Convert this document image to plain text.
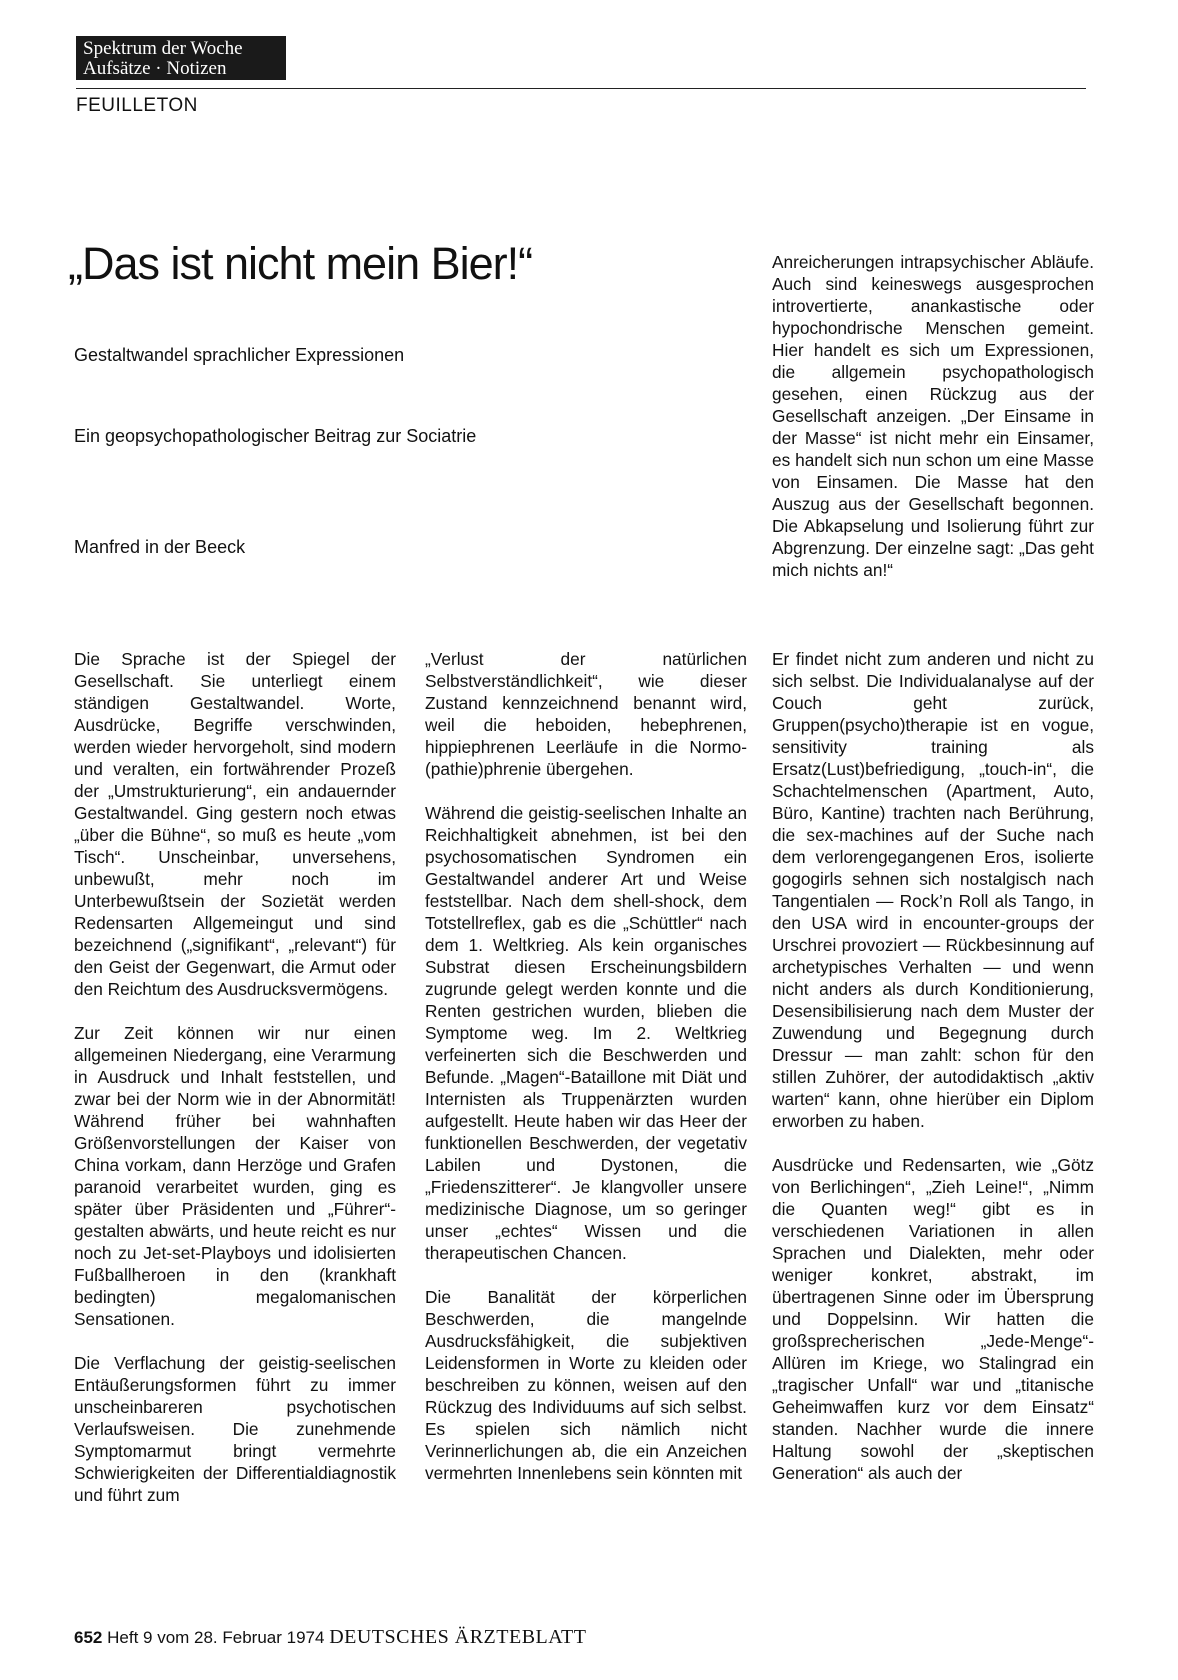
Spektrum der Woche
Aufsätze · Notizen
FEUILLETON
„Das ist nicht mein Bier!“
Gestaltwandel sprachlicher Expressionen
Ein geopsychopathologischer Beitrag zur Sociatrie
Manfred in der Beeck

Anreicherungen intrapsychischer Abläufe. Auch sind keineswegs ausgesprochen introvertierte, anankastische oder hypochondrische Menschen gemeint. Hier handelt es sich um Expressionen, die allgemein psychopathologisch gesehen, einen Rückzug aus der Gesellschaft anzeigen. „Der Einsame in der Masse“ ist nicht mehr ein Einsamer, es handelt sich nun schon um eine Masse von Einsamen. Die Masse hat den Auszug aus der Gesellschaft begonnen. Die Abkapselung und Isolierung führt zur Abgrenzung. Der einzelne sagt: „Das geht mich nichts an!“

Die Sprache ist der Spiegel der Gesellschaft. Sie unterliegt einem ständigen Gestaltwandel. Worte, Ausdrücke, Begriffe verschwinden, werden wieder hervorgeholt, sind modern und veralten, ein fortwährender Prozeß der „Umstrukturierung“, ein andauernder Gestaltwandel. Ging gestern noch etwas „über die Bühne“, so muß es heute „vom Tisch“. Unscheinbar, unversehens, unbewußt, mehr noch im Unterbewußtsein der Sozietät werden Redensarten Allgemeingut und sind bezeichnend („signifikant“, „relevant“) für den Geist der Gegenwart, die Armut oder den Reichtum des Ausdrucksvermögens.

Zur Zeit können wir nur einen allgemeinen Niedergang, eine Verarmung in Ausdruck und Inhalt feststellen, und zwar bei der Norm wie in der Abnormität! Während früher bei wahnhaften Größenvorstellungen der Kaiser von China vorkam, dann Herzöge und Grafen paranoid verarbeitet wurden, ging es später über Präsidenten und „Führer“-gestalten abwärts, und heute reicht es nur noch zu Jet-set-Playboys und idolisierten Fußballheroen in den (krankhaft bedingten) megalomanischen Sensationen.

Die Verflachung der geistig-seelischen Entäußerungsformen führt zu immer unscheinbareren psychotischen Verlaufsweisen. Die zunehmende Symptomarmut bringt vermehrte Schwierigkeiten der Differentialdiagnostik und führt zum

„Verlust der natürlichen Selbstverständlichkeit“, wie dieser Zustand kennzeichnend benannt wird, weil die heboiden, hebephrenen, hippiephrenen Leerläufe in die Normo-(pathie)phrenie übergehen.

Während die geistig-seelischen Inhalte an Reichhaltigkeit abnehmen, ist bei den psychosomatischen Syndromen ein Gestaltwandel anderer Art und Weise feststellbar. Nach dem shell-shock, dem Totstellreflex, gab es die „Schüttler“ nach dem 1. Weltkrieg. Als kein organisches Substrat diesen Erscheinungsbildern zugrunde gelegt werden konnte und die Renten gestrichen wurden, blieben die Symptome weg. Im 2. Weltkrieg verfeinerten sich die Beschwerden und Befunde. „Magen“-Bataillone mit Diät und Internisten als Truppenärzten wurden aufgestellt. Heute haben wir das Heer der funktionellen Beschwerden, der vegetativ Labilen und Dystonen, die „Friedenszitterer“. Je klangvoller unsere medizinische Diagnose, um so geringer unser „echtes“ Wissen und die therapeutischen Chancen.

Die Banalität der körperlichen Beschwerden, die mangelnde Ausdrucksfähigkeit, die subjektiven Leidensformen in Worte zu kleiden oder beschreiben zu können, weisen auf den Rückzug des Individuums auf sich selbst. Es spielen sich nämlich nicht Verinnerlichungen ab, die ein Anzeichen vermehrten Innenlebens sein könnten mit

Er findet nicht zum anderen und nicht zu sich selbst. Die Individualanalyse auf der Couch geht zurück, Gruppen(psycho)therapie ist en vogue, sensitivity training als Ersatz(Lust)befriedigung, „touch-in“, die Schachtelmenschen (Apartment, Auto, Büro, Kantine) trachten nach Berührung, die sex-machines auf der Suche nach dem verlorengegangenen Eros, isolierte gogogirls sehnen sich nostalgisch nach Tangentialen — Rock’n Roll als Tango, in den USA wird in encounter-groups der Urschrei provoziert — Rückbesinnung auf archetypisches Verhalten — und wenn nicht anders als durch Konditionierung, Desensibilisierung nach dem Muster der Zuwendung und Begegnung durch Dressur — man zahlt: schon für den stillen Zuhörer, der autodidaktisch „aktiv warten“ kann, ohne hierüber ein Diplom erworben zu haben.

Ausdrücke und Redensarten, wie „Götz von Berlichingen“, „Zieh Leine!“, „Nimm die Quanten weg!“ gibt es in verschiedenen Variationen in allen Sprachen und Dialekten, mehr oder weniger konkret, abstrakt, im übertragenen Sinne oder im Übersprung und Doppelsinn. Wir hatten die großsprecherischen „Jede-Menge“-Allüren im Kriege, wo Stalingrad ein „tragischer Unfall“ war und „titanische Geheimwaffen kurz vor dem Einsatz“ standen. Nachher wurde die innere Haltung sowohl der „skeptischen Generation“ als auch der

652 Heft 9 vom 28. Februar 1974 DEUTSCHES ÄRZTEBLATT
